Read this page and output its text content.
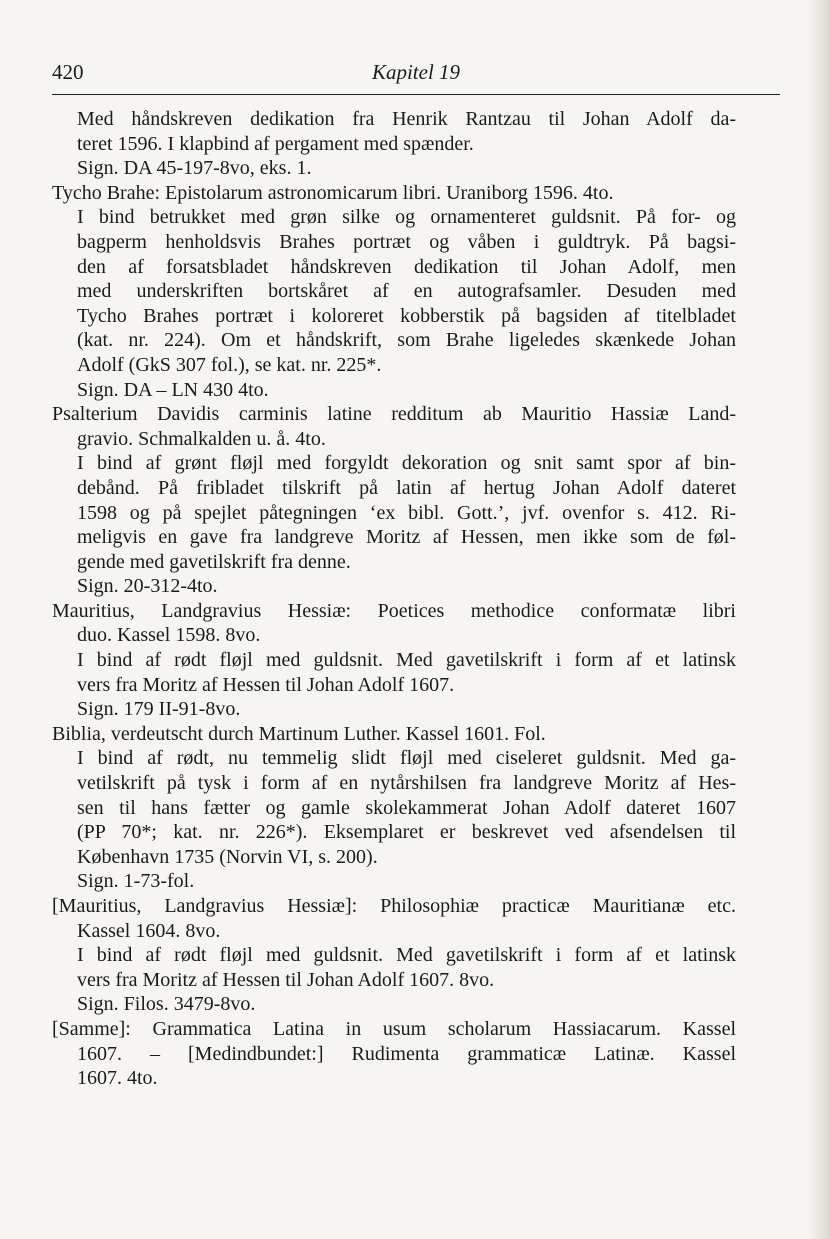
420	Kapitel 19
Med håndskreven dedikation fra Henrik Rantzau til Johan Adolf da-
teret 1596. I klapbind af pergament med spænder.
Sign. DA 45-197-8vo, eks. 1.
Tycho Brahe: Epistolarum astronomicarum libri. Uraniborg 1596. 4to.
I bind betrukket med grøn silke og ornamenteret guldsnit. På for- og
bagperm henholdsvis Brahes portræt og våben i guldtryk. På bagsi-
den af forsatsbladet håndskreven dedikation til Johan Adolf, men
med underskriften bortskåret af en autografsamler. Desuden med
Tycho Brahes portræt i koloreret kobberstik på bagsiden af titelbladet
(kat. nr. 224). Om et håndskrift, som Brahe ligeledes skænkede Johan
Adolf (GkS 307 fol.), se kat. nr. 225*.
Sign. DA – LN 430 4to.
Psalterium Davidis carminis latine redditum ab Mauritio Hassiæ Land-
gravio. Schmalkalden u. å. 4to.
I bind af grønt fløjl med forgyldt dekoration og snit samt spor af bin-
debånd. På fribladet tilskrift på latin af hertug Johan Adolf dateret
1598 og på spejlet påtegningen ‘ex bibl. Gott.’, jvf. ovenfor s. 412. Ri-
meligvis en gave fra landgreve Moritz af Hessen, men ikke som de føl-
gende med gavetilskrift fra denne.
Sign. 20-312-4to.
Mauritius, Landgravius Hessiæ: Poetices methodice conformatæ libri
duo. Kassel 1598. 8vo.
I bind af rødt fløjl med guldsnit. Med gavetilskrift i form af et latinsk
vers fra Moritz af Hessen til Johan Adolf 1607.
Sign. 179 II-91-8vo.
Biblia, verdeutscht durch Martinum Luther. Kassel 1601. Fol.
I bind af rødt, nu temmelig slidt fløjl med ciseleret guldsnit. Med ga-
vetilskrift på tysk i form af en nytårshilsen fra landgreve Moritz af Hes-
sen til hans fætter og gamle skolekammerat Johan Adolf dateret 1607
(PP 70*; kat. nr. 226*). Eksemplaret er beskrevet ved afsendelsen til
København 1735 (Norvin VI, s. 200).
Sign. 1-73-fol.
[Mauritius, Landgravius Hessiæ]: Philosophiæ practicæ Mauritianæ etc.
Kassel 1604. 8vo.
I bind af rødt fløjl med guldsnit. Med gavetilskrift i form af et latinsk
vers fra Moritz af Hessen til Johan Adolf 1607. 8vo.
Sign. Filos. 3479-8vo.
[Samme]: Grammatica Latina in usum scholarum Hassiacarum. Kassel
1607. – [Medindbundet:] Rudimenta grammaticæ Latinæ. Kassel
1607. 4to.
